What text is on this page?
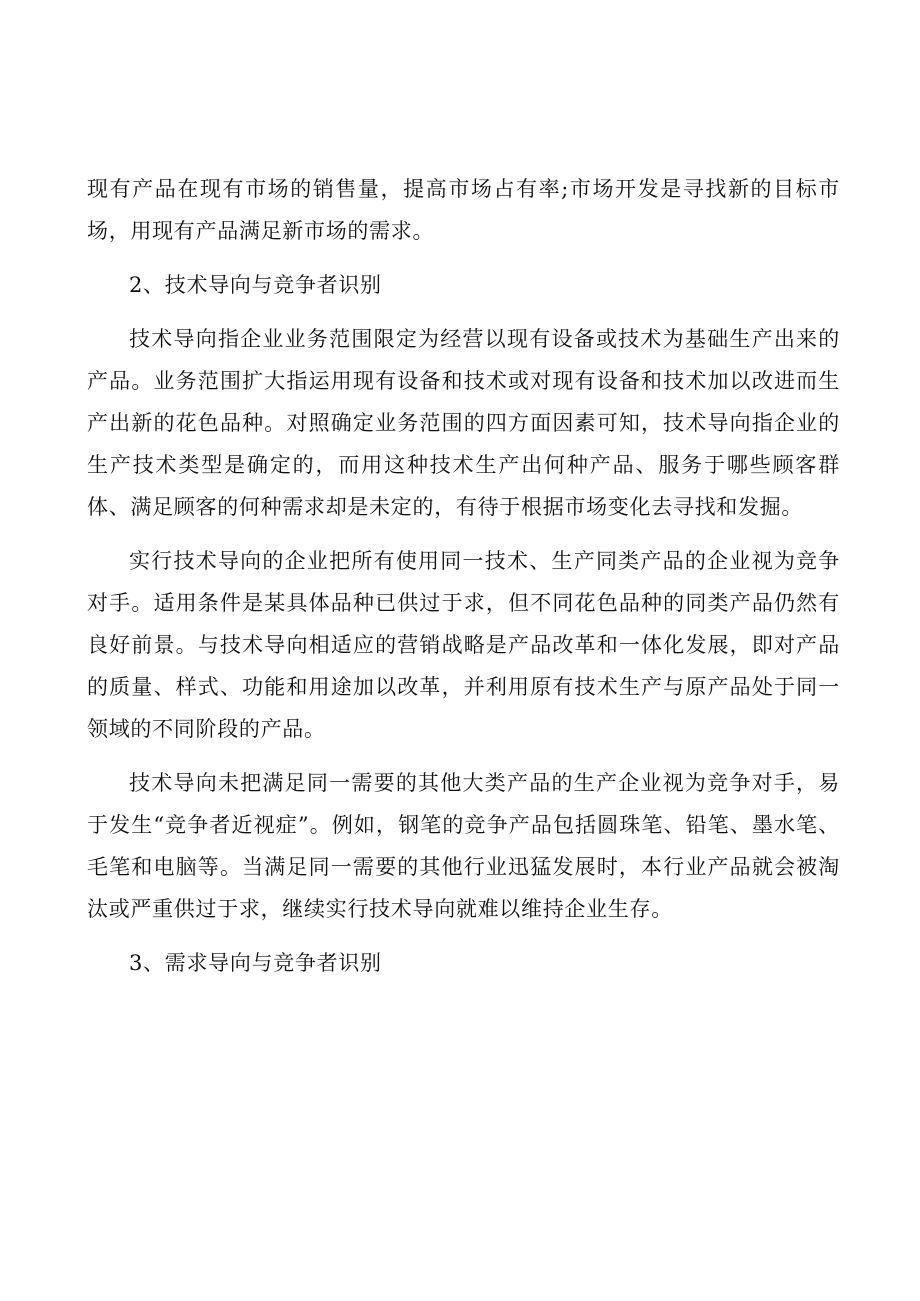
现有产品在现有市场的销售量，提高市场占有率;市场开发是寻找新的目标市场，用现有产品满足新市场的需求。

2、技术导向与竞争者识别

技术导向指企业业务范围限定为经营以现有设备或技术为基础生产出来的产品。业务范围扩大指运用现有设备和技术或对现有设备和技术加以改进而生产出新的花色品种。对照确定业务范围的四方面因素可知，技术导向指企业的生产技术类型是确定的，而用这种技术生产出何种产品、服务于哪些顾客群体、满足顾客的何种需求却是未定的，有待于根据市场变化去寻找和发掘。

实行技术导向的企业把所有使用同一技术、生产同类产品的企业视为竞争对手。适用条件是某具体品种已供过于求，但不同花色品种的同类产品仍然有良好前景。与技术导向相适应的营销战略是产品改革和一体化发展，即对产品的质量、样式、功能和用途加以改革，并利用原有技术生产与原产品处于同一领域的不同阶段的产品。

技术导向未把满足同一需要的其他大类产品的生产企业视为竞争对手，易于发生“竞争者近视症”。例如，钢笔的竞争产品包括圆珠笔、铅笔、墨水笔、毛笔和电脑等。当满足同一需要的其他行业迅猛发展时，本行业产品就会被淘汰或严重供过于求，继续实行技术导向就难以维持企业生存。

3、需求导向与竞争者识别
